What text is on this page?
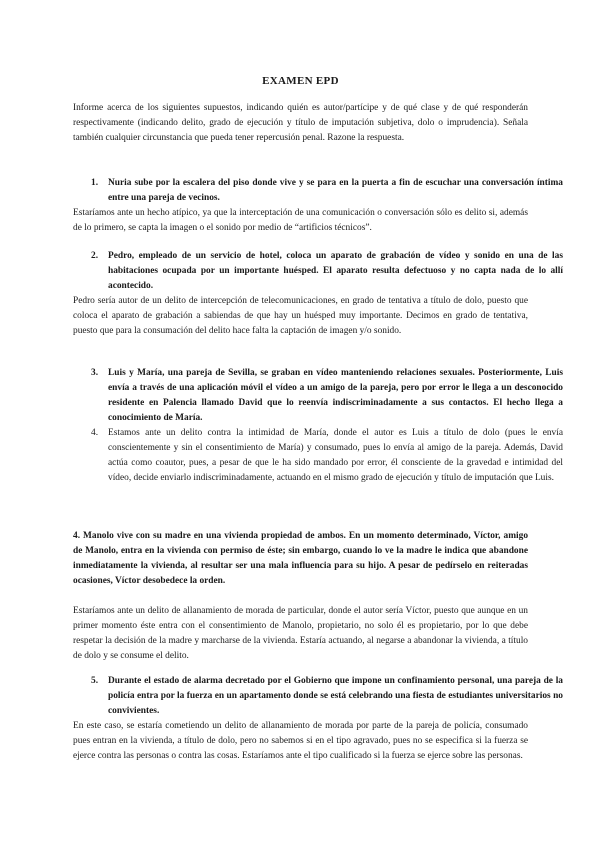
EXAMEN EPD
Informe acerca de los siguientes supuestos, indicando quién es autor/partícipe y de qué clase y de qué responderán respectivamente (indicando delito, grado de ejecución y título de imputación subjetiva, dolo o imprudencia). Señala también cualquier circunstancia que pueda tener repercusión penal. Razone la respuesta.
1. Nuria sube por la escalera del piso donde vive y se para en la puerta a fin de escuchar una conversación íntima entre una pareja de vecinos.
Estaríamos ante un hecho atípico, ya que la interceptación de una comunicación o conversación sólo es delito si, además de lo primero, se capta la imagen o el sonido por medio de “artificios técnicos”.
2. Pedro, empleado de un servicio de hotel, coloca un aparato de grabación de vídeo y sonido en una de las habitaciones ocupada por un importante huésped. El aparato resulta defectuoso y no capta nada de lo allí acontecido.
Pedro sería autor de un delito de intercepción de telecomunicaciones, en grado de tentativa a título de dolo, puesto que coloca el aparato de grabación a sabiendas de que hay un huésped muy importante. Decimos en grado de tentativa, puesto que para la consumación del delito hace falta la captación de imagen y/o sonido.
3. Luis y María, una pareja de Sevilla, se graban en vídeo manteniendo relaciones sexuales. Posteriormente, Luis envía a través de una aplicación móvil el vídeo a un amigo de la pareja, pero por error le llega a un desconocido residente en Palencia llamado David que lo reenvía indiscriminadamente a sus contactos. El hecho llega a conocimiento de María.
4. Estamos ante un delito contra la intimidad de María, donde el autor es Luis a título de dolo (pues le envía conscientemente y sin el consentimiento de María) y consumado, pues lo envía al amigo de la pareja. Además, David actúa como coautor, pues, a pesar de que le ha sido mandado por error, él consciente de la gravedad e intimidad del vídeo, decide enviarlo indiscriminadamente, actuando en el mismo grado de ejecución y título de imputación que Luis.
4. Manolo vive con su madre en una vivienda propiedad de ambos. En un momento determinado, Víctor, amigo de Manolo, entra en la vivienda con permiso de éste; sin embargo, cuando lo ve la madre le indica que abandone inmediatamente la vivienda, al resultar ser una mala influencia para su hijo. A pesar de pedírselo en reiteradas ocasiones, Víctor desobedece la orden.
Estaríamos ante un delito de allanamiento de morada de particular, donde el autor sería Víctor, puesto que aunque en un primer momento éste entra con el consentimiento de Manolo, propietario, no solo él es propietario, por lo que debe respetar la decisión de la madre y marcharse de la vivienda. Estaría actuando, al negarse a abandonar la vivienda, a título de dolo y se consume el delito.
5. Durante el estado de alarma decretado por el Gobierno que impone un confinamiento personal, una pareja de la policía entra por la fuerza en un apartamento donde se está celebrando una fiesta de estudiantes universitarios no convivientes.
En este caso, se estaría cometiendo un delito de allanamiento de morada por parte de la pareja de policía, consumado pues entran en la vivienda, a título de dolo, pero no sabemos si en el tipo agravado, pues no se especifica si la fuerza se ejerce contra las personas o contra las cosas. Estaríamos ante el tipo cualificado si la fuerza se ejerce sobre las personas.
